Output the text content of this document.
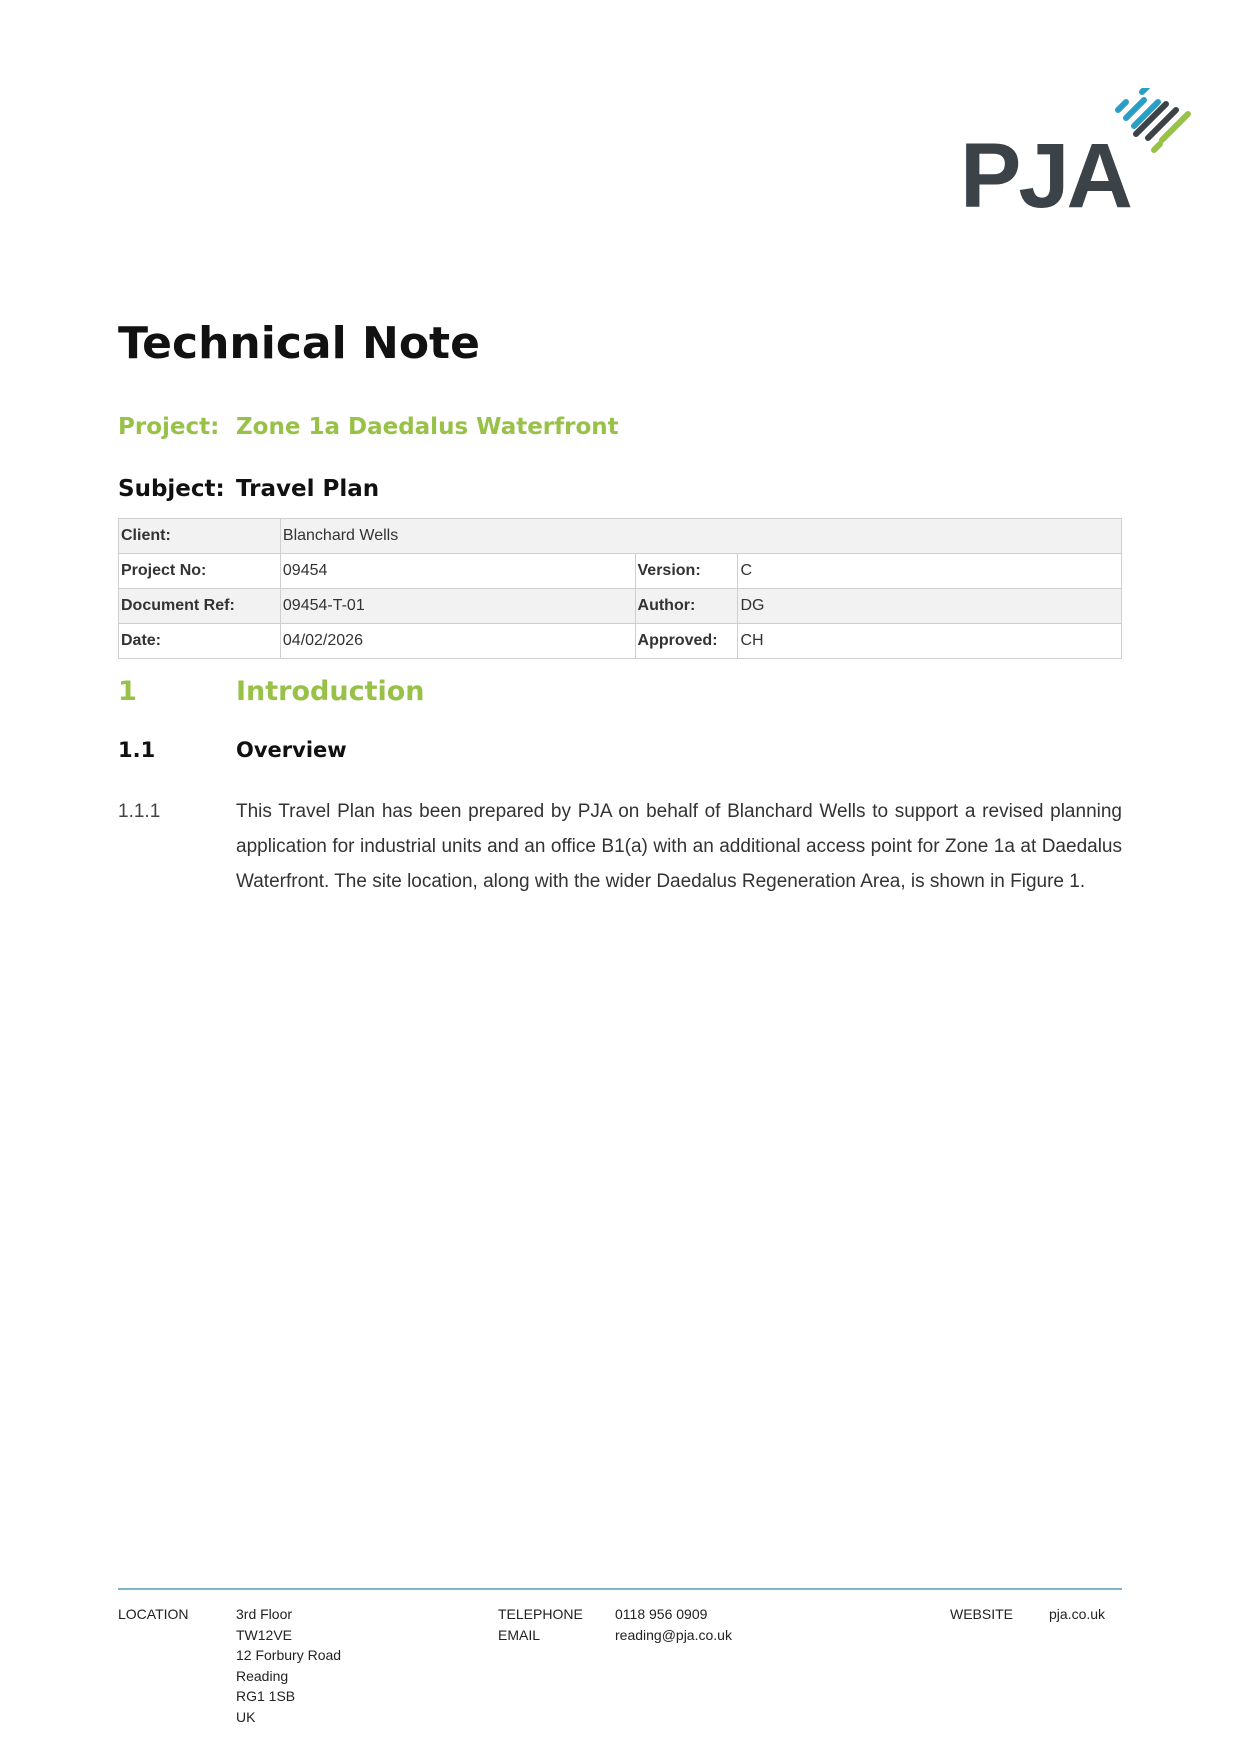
PJA
Technical Note
Project: Zone 1a Daedalus Waterfront
Subject: Travel Plan
Client:	Blanchard Wells		
Project No:	09454	Version:	C
Document Ref:	09454-T-01	Author:	DG
Date:	04/02/2026	Approved:	CH
1	Introduction
1.1	Overview
1.1.1	This Travel Plan has been prepared by PJA on behalf of Blanchard Wells to support a revised planning application for industrial units and an office B1(a) with an additional access point for Zone 1a at Daedalus Waterfront. The site location, along with the wider Daedalus Regeneration Area, is shown in Figure 1.

LOCATION	3rd Floor
TW12VE
12 Forbury Road
Reading
RG1 1SB
UK
TELEPHONE
EMAIL
0118 956 0909
reading@pja.co.uk
WEBSITE	pja.co.uk
